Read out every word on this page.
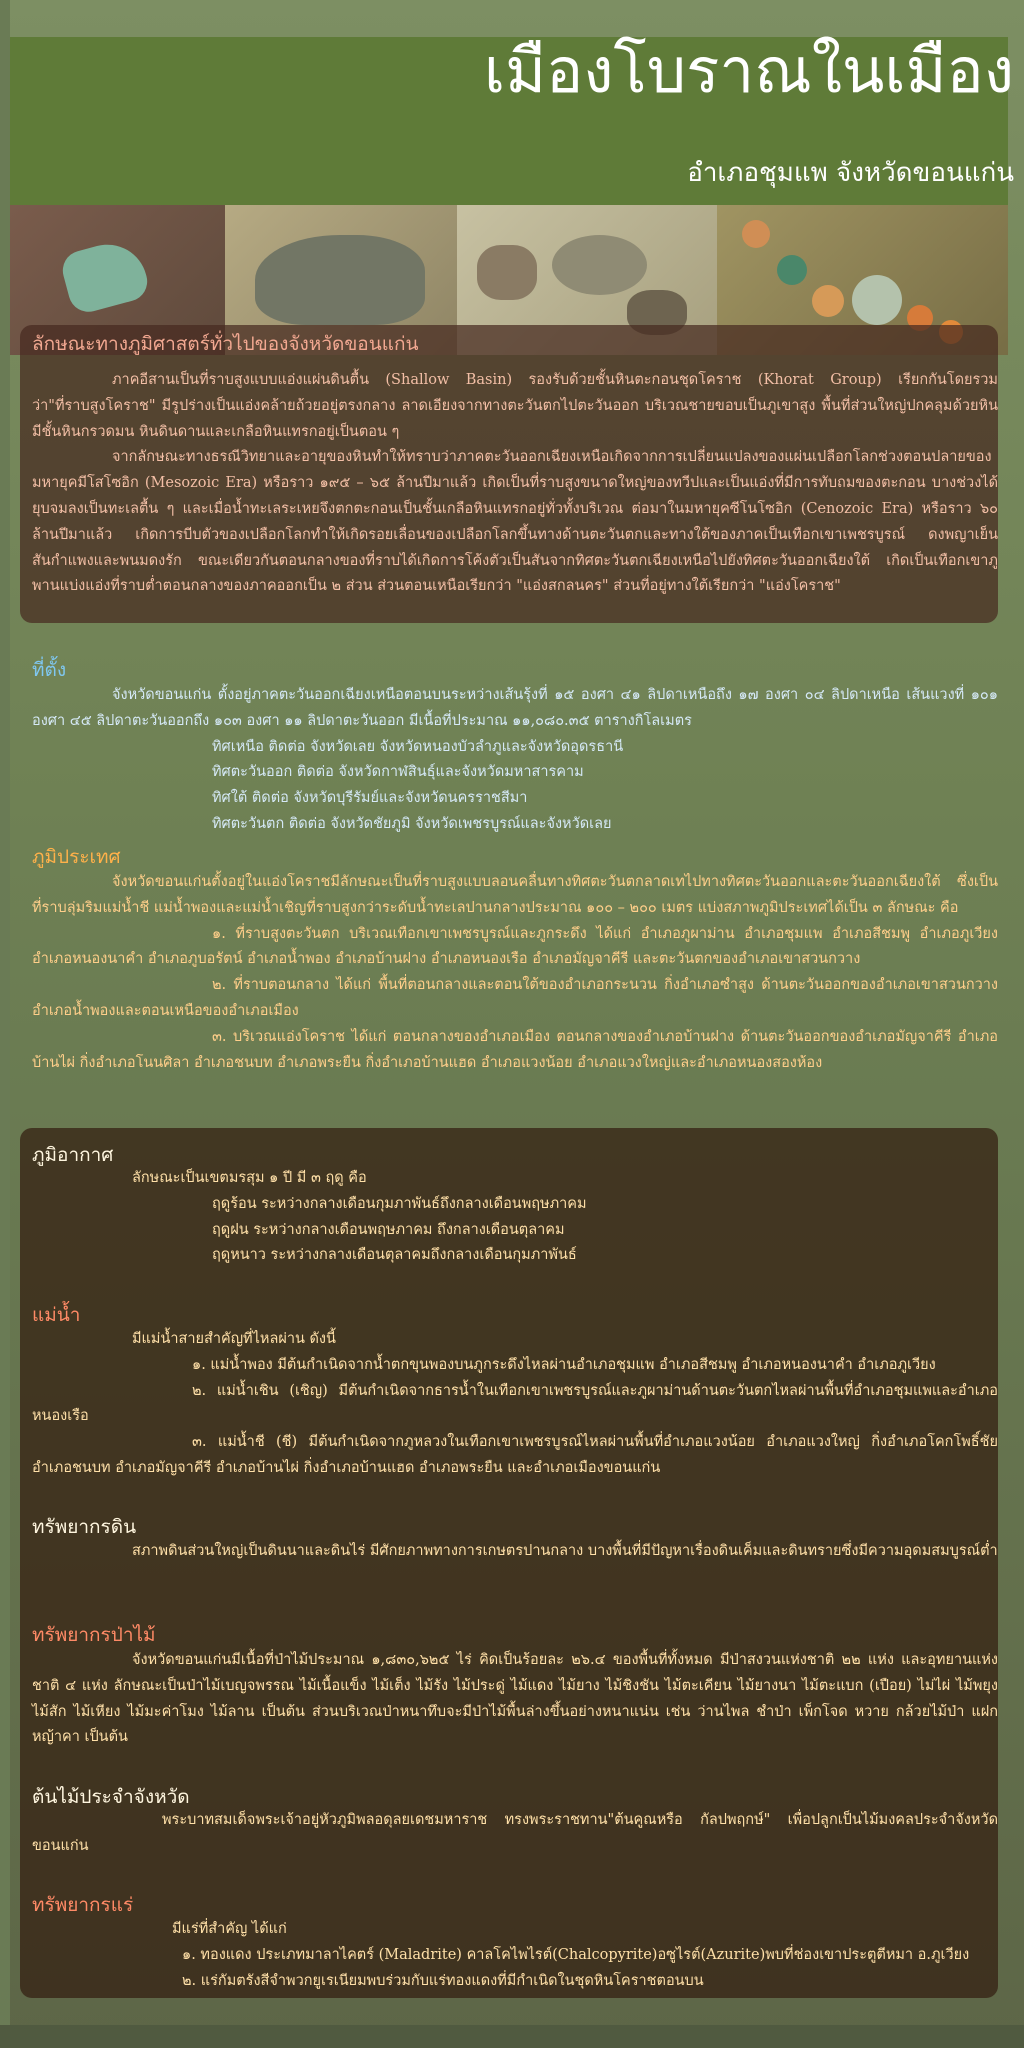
เมืองโบราณในเมือง
อำเภอชุมแพ จังหวัดขอนแก่น
ลักษณะทางภูมิศาสตร์ทั่วไปของจังหวัดขอนแก่น

ภาคอีสานเป็นที่ราบสูงแบบแอ่งแผ่นดินตื้น (Shallow Basin) รองรับด้วยชั้นหินตะกอนชุดโคราช (Khorat Group) เรียกกันโดยรวมว่า"ที่ราบสูงโคราช" มีรูปร่างเป็นแอ่งคล้ายถ้วยอยู่ตรงกลาง ลาดเอียงจากทางตะวันตกไปตะวันออก บริเวณชายขอบเป็นภูเขาสูง พื้นที่ส่วนใหญ่ปกคลุมด้วยหิน มีชั้นหินกรวดมน หินดินดานและเกลือหินแทรกอยู่เป็นตอน ๆ

จากลักษณะทางธรณีวิทยาและอายุของหินทำให้ทราบว่าภาคตะวันออกเฉียงเหนือเกิดจากการเปลี่ยนแปลงของแผ่นเปลือกโลกช่วงตอนปลายของมหายุคมีโสโซอิก (Mesozoic Era) หรือราว ๑๙๕ – ๖๕ ล้านปีมาแล้ว เกิดเป็นที่ราบสูงขนาดใหญ่ของทวีปและเป็นแอ่งที่มีการทับถมของตะกอน บางช่วงได้ยุบจมลงเป็นทะเลตื้น ๆ และเมื่อน้ำทะเลระเหยจึงตกตะกอนเป็นชั้นเกลือหินแทรกอยู่ทั่วทั้งบริเวณ ต่อมาในมหายุคซีโนโซอิก (Cenozoic Era) หรือราว ๖๐ ล้านปีมาแล้ว เกิดการบีบตัวของเปลือกโลกทำให้เกิดรอยเลื่อนของเปลือกโลกขึ้นทางด้านตะวันตกและทางใต้ของภาคเป็นเทือกเขาเพชรบูรณ์ ดงพญาเย็น สันกำแพงและพนมดงรัก ขณะเดียวกันตอนกลางของที่ราบได้เกิดการโค้งตัวเป็นสันจากทิศตะวันตกเฉียงเหนือไปยังทิศตะวันออกเฉียงใต้ เกิดเป็นเทือกเขาภูพานแบ่งแอ่งที่ราบต่ำตอนกลางของภาคออกเป็น ๒ ส่วน ส่วนตอนเหนือเรียกว่า "แอ่งสกลนคร" ส่วนที่อยู่ทางใต้เรียกว่า "แอ่งโคราช"

ที่ตั้ง

จังหวัดขอนแก่น ตั้งอยู่ภาคตะวันออกเฉียงเหนือตอนบนระหว่างเส้นรุ้งที่ ๑๕ องศา ๔๑ ลิปดาเหนือถึง ๑๗ องศา ๐๔ ลิปดาเหนือ เส้นแวงที่ ๑๐๑ องศา ๔๕ ลิปดาตะวันออกถึง ๑๐๓ องศา ๑๑ ลิปดาตะวันออก มีเนื้อที่ประมาณ ๑๑,๐๘๐.๓๕ ตารางกิโลเมตร

ทิศเหนือ ติดต่อ จังหวัดเลย จังหวัดหนองบัวลำภูและจังหวัดอุดรธานี

ทิศตะวันออก ติดต่อ จังหวัดกาฬสินธุ์และจังหวัดมหาสารคาม

ทิศใต้ ติดต่อ จังหวัดบุรีรัมย์และจังหวัดนครราชสีมา

ทิศตะวันตก ติดต่อ จังหวัดชัยภูมิ จังหวัดเพชรบูรณ์และจังหวัดเลย

ภูมิประเทศ

จังหวัดขอนแก่นตั้งอยู่ในแอ่งโคราชมีลักษณะเป็นที่ราบสูงแบบลอนคลื่นทางทิศตะวันตกลาดเทไปทางทิศตะวันออกและตะวันออกเฉียงใต้ ซึ่งเป็นที่ราบลุ่มริมแม่น้ำชี แม่น้ำพองและแม่น้ำเชิญที่ราบสูงกว่าระดับน้ำทะเลปานกลางประมาณ ๑๐๐ – ๒๐๐ เมตร แบ่งสภาพภูมิประเทศได้เป็น ๓ ลักษณะ คือ

๑. ที่ราบสูงตะวันตก บริเวณเทือกเขาเพชรบูรณ์และภูกระดึง ได้แก่ อำเภอภูผาม่าน อำเภอชุมแพ อำเภอสีชมพู อำเภอภูเวียง อำเภอหนองนาคำ อำเภอภูบอรัตน์ อำเภอน้ำพอง อำเภอบ้านฝาง อำเภอหนองเรือ อำเภอมัญจาคีรี และตะวันตกของอำเภอเขาสวนกวาง

๒. ที่ราบตอนกลาง ได้แก่ พื้นที่ตอนกลางและตอนใต้ของอำเภอกระนวน กิ่งอำเภอซำสูง ด้านตะวันออกของอำเภอเขาสวนกวาง อำเภอน้ำพองและตอนเหนือของอำเภอเมือง

๓. บริเวณแอ่งโคราช ได้แก่ ตอนกลางของอำเภอเมือง ตอนกลางของอำเภอบ้านฝาง ด้านตะวันออกของอำเภอมัญจาคีรี อำเภอบ้านไผ่ กิ่งอำเภอโนนศิลา อำเภอชนบท อำเภอพระยืน กิ่งอำเภอบ้านแฮด อำเภอแวงน้อย อำเภอแวงใหญ่และอำเภอหนองสองห้อง

ภูมิอากาศ

ลักษณะเป็นเขตมรสุม ๑ ปี มี ๓ ฤดู คือ

ฤดูร้อน ระหว่างกลางเดือนกุมภาพันธ์ถึงกลางเดือนพฤษภาคม

ฤดูฝน ระหว่างกลางเดือนพฤษภาคม ถึงกลางเดือนตุลาคม

ฤดูหนาว ระหว่างกลางเดือนตุลาคมถึงกลางเดือนกุมภาพันธ์

แม่น้ำ

มีแม่น้ำสายสำคัญที่ไหลผ่าน ดังนี้

๑. แม่น้ำพอง มีต้นกำเนิดจากน้ำตกขุนพองบนภูกระดึงไหลผ่านอำเภอชุมแพ อำเภอสีชมพู อำเภอหนองนาคำ อำเภอภูเวียง

๒. แม่น้ำเชิน (เชิญ) มีต้นกำเนิดจากธารน้ำในเทือกเขาเพชรบูรณ์และภูผาม่านด้านตะวันตกไหลผ่านพื้นที่อำเภอชุมแพและอำเภอหนองเรือ

๓. แม่น้ำชี (ชี) มีต้นกำเนิดจากภูหลวงในเทือกเขาเพชรบูรณ์ไหลผ่านพื้นที่อำเภอแวงน้อย อำเภอแวงใหญ่ กิ่งอำเภอโคกโพธิ์ชัย อำเภอชนบท อำเภอมัญจาคีรี อำเภอบ้านไผ่ กิ่งอำเภอบ้านแฮด อำเภอพระยืน และอำเภอเมืองขอนแก่น

ทรัพยากรดิน

สภาพดินส่วนใหญ่เป็นดินนาและดินไร่ มีศักยภาพทางการเกษตรปานกลาง บางพื้นที่มีปัญหาเรื่องดินเค็มและดินทรายซึ่งมีความอุดมสมบูรณ์ต่ำ

ทรัพยากรป่าไม้

จังหวัดขอนแก่นมีเนื้อที่ป่าไม้ประมาณ ๑,๘๓๐,๖๒๕ ไร่ คิดเป็นร้อยละ ๒๖.๔ ของพื้นที่ทั้งหมด มีป่าสงวนแห่งชาติ ๒๒ แห่ง และอุทยานแห่งชาติ ๔ แห่ง ลักษณะเป็นป่าไม้เบญจพรรณ ไม้เนื้อแข็ง ไม้เต็ง ไม้รัง ไม้ประดู่ ไม้แดง ไม้ยาง ไม้ชิงชัน ไม้ตะเคียน ไม้ยางนา ไม้ตะแบก (เปือย) ไม่ไผ่ ไม้พยุง ไม้สัก ไม้เหียง ไม้มะค่าโมง ไม้ลาน เป็นต้น ส่วนบริเวณป่าหนาทึบจะมีป่าไม้พื้นล่างขึ้นอย่างหนาแน่น เช่น ว่านไพล ชำป่า เพ็กโจด หวาย กล้วยไม้ป่า แฝก หญ้าคา เป็นต้น

ต้นไม้ประจำจังหวัด

พระบาทสมเด็จพระเจ้าอยู่หัวภูมิพลอดุลยเดชมหาราช ทรงพระราชทาน"ต้นคูณหรือ กัลปพฤกษ์" เพื่อปลูกเป็นไม้มงคลประจำจังหวัดขอนแก่น

ทรัพยากรแร่

มีแร่ที่สำคัญ ได้แก่

๑. ทองแดง ประเภทมาลาไคตร์ (Maladrite) คาลโคไพไรต์(Chalcopyrite)อซูไรต์(Azurite)พบที่ช่องเขาประตูตีหมา อ.ภูเวียง

๒. แร่กัมตรังสีจำพวกยูเรเนียมพบร่วมกับแร่ทองแดงที่มีกำเนิดในชุดหินโคราชตอนบน
